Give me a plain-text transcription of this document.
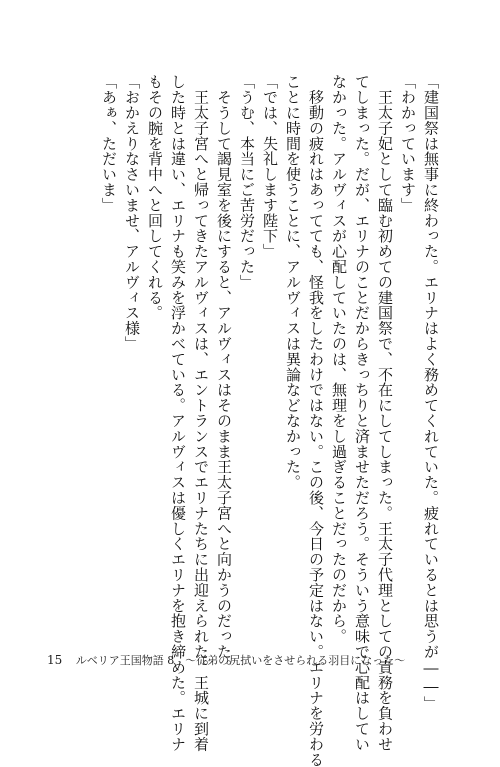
「建国祭は無事に終わった。エリナはよく務めてくれていた。疲れているとは思うが――」
「わかっています」
　王太子妃として臨む初めての建国祭で、不在にしてしまった。王太子代理としての責務を負わせ
てしまった。だが、エリナのことだからきっちりと済ませただろう。そういう意味で心配はしてい
なかった。アルヴィスが心配していたのは、無理をし過ぎることだったのだから。
　移動の疲れはあってても、怪我をしたわけではない。この後、今日の予定はない。エリナを労わる
ことに時間を使うことに、アルヴィスは異論などなかった。
「では、失礼します陛下」
「うむ、本当にご苦労だった」
　そうして謁見室を後にすると、アルヴィスはそのまま王太子宮へと向かうのだった。
　王太子宮へと帰ってきたアルヴィスは、エントランスでエリナたちに出迎えられた。王城に到着
した時とは違い、エリナも笑みを浮かべている。アルヴィスは優しくエリナを抱き締めた。エリナ
もその腕を背中へと回してくれる。
「おかえりなさいませ、アルヴィス様」
「あぁ、ただいま」
15 ルベリア王国物語 8　～従弟の尻拭いをさせられる羽目になった～
